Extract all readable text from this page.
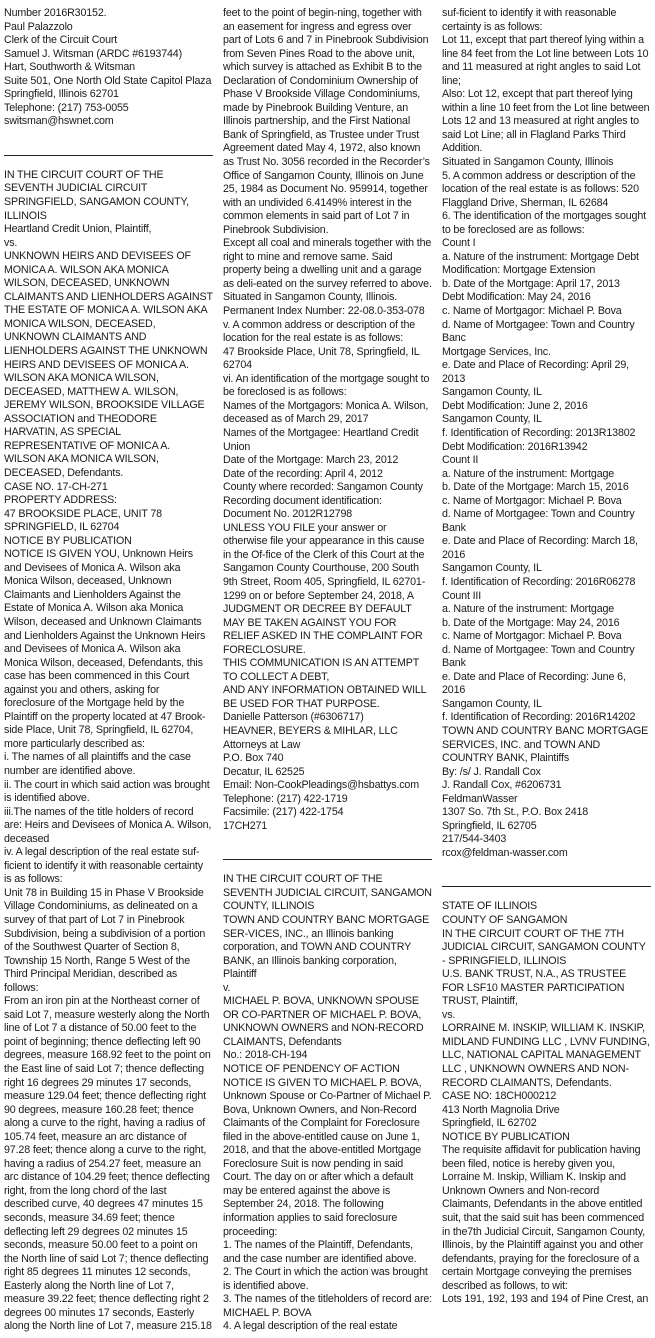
Number 2016R30152.

Paul Palazzolo

Clerk of the Circuit Court

Samuel J. Witsman (ARDC #6193744)

Hart, Southworth & Witsman

Suite 501, One North Old State Capitol Plaza

Springfield, Illinois 62701

Telephone: (217) 753-0055

switsman@hswnet.com

IN THE CIRCUIT COURT OF THE SEVENTH JUDICIAL CIRCUIT

SPRINGFIELD, SANGAMON COUNTY, ILLINOIS

Heartland Credit Union, Plaintiff,

vs.

UNKNOWN HEIRS AND DEVISEES OF MONICA A. WILSON AKA MONICA WILSON, DECEASED, UNKNOWN CLAIMANTS AND LIENHOLDERS AGAINST THE ESTATE OF MONICA A. WILSON AKA MONICA WILSON, DECEASED, UNKNOWN CLAIMANTS AND LIENHOLDERS AGAINST THE UNKNOWN HEIRS AND DEVISEES OF MONICA A. WILSON AKA MONICA WILSON, DECEASED, MATTHEW A. WILSON, JEREMY WILSON, BROOKSIDE VILLAGE ASSOCIATION and THEODORE HARVATIN, AS SPECIAL REPRESENTATIVE OF MONICA A. WILSON AKA MONICA WILSON, DECEASED, Defendants.

CASE NO. 17-CH-271

PROPERTY ADDRESS:

47 BROOKSIDE PLACE, UNIT 78

SPRINGFIELD, IL 62704

NOTICE BY PUBLICATION

NOTICE IS GIVEN YOU, Unknown Heirs and Devisees of Monica A. Wilson aka Monica Wilson, deceased, Unknown Claimants and Lienholders Against the Estate of Monica A. Wilson aka Monica Wilson, deceased and Unknown Claimants and Lienholders Against the Unknown Heirs and Devisees of Monica A. Wilson aka Monica Wilson, deceased, Defendants, this case has been commenced in this Court against you and others, asking for foreclosure of the Mortgage held by the Plaintiff on the property located at 47 Brook-side Place, Unit 78, Springfield, IL 62704, more particularly described as:

i. The names of all plaintiffs and the case number are identified above.

ii. The court in which said action was brought is identified above.

iii.The names of the title holders of record are: Heirs and Devisees of Monica A. Wilson, deceased

iv. A legal description of the real estate suf-ficient to identify it with reasonable certainty is as follows:

Unit 78 in Building 15 in Phase V Brookside Village Condominiums, as delineated on a survey of that part of Lot 7 in Pinebrook Subdivision, being a subdivision of a portion of the Southwest Quarter of Section 8, Township 15 North, Range 5 West of the Third Principal Meridian, described as follows:

From an iron pin at the Northeast corner of said Lot 7, measure westerly along the North line of Lot 7 a distance of 50.00 feet to the point of beginning; thence deflecting left 90 degrees, measure 168.92 feet to the point on the East line of said Lot 7; thence deflecting right 16 degrees 29 minutes 17 seconds, measure 129.04 feet; thence deflecting right 90 degrees, measure 160.28 feet; thence along a curve to the right, having a radius of 105.74 feet, measure an arc distance of 97.28 feet; thence along a curve to the right, having a radius of 254.27 feet, measure an arc distance of 104.29 feet; thence deflecting right, from the long chord of the last described curve, 40 degrees 47 minutes 15 seconds, measure 34.69 feet; thence deflecting left 29 degrees 02 minutes 15 seconds, measure 50.00 feet to a point on the North line of said Lot 7; thence deflecting right 85 degrees 11 minutes 12 seconds, Easterly along the North line of Lot 7, measure 39.22 feet; thence deflecting right 2 degrees 00 minutes 17 seconds, Easterly along the North line of Lot 7, measure 215.18

feet to the point of begin-ning, together with an easement for ingress and egress over part of Lots 6 and 7 in Pinebrook Subdivision from Seven Pines Road to the above unit, which survey is attached as Exhibit B to the Declaration of Condominium Ownership of Phase V Brookside Village Condominiums, made by Pinebrook Building Venture, an Illinois partnership, and the First National Bank of Springfield, as Trustee under Trust Agreement dated May 4, 1972, also known as Trust No. 3056 recorded in the Recorder’s Office of Sangamon County, Illinois on June 25, 1984 as Document No. 959914, together with an undivided 6.4149% interest in the common elements in said part of Lot 7 in Pinebrook Subdivision.

Except all coal and minerals together with the right to mine and remove same. Said property being a dwelling unit and a garage as deli-eated on the survey referred to above.

Situated in Sangamon County, Illinois.

Permanent Index Number: 22-08.0-353-078

v. A common address or description of the location for the real estate is as follows:

47 Brookside Place, Unit 78, Springfield, IL 62704

vi. An identification of the mortgage sought to be foreclosed is as follows:

Names of the Mortgagors: Monica A. Wilson, deceased as of March 29, 2017

Names of the Mortgagee: Heartland Credit Union

Date of the Mortgage: March 23, 2012

Date of the recording: April 4, 2012

County where recorded: Sangamon County Recording document identification: Document No. 2012R12798

UNLESS YOU FILE your answer or otherwise file your appearance in this cause in the Of-fice of the Clerk of this Court at the Sangamon County Courthouse, 200 South 9th Street, Room 405, Springfield, IL 62701-1299 on or before September 24, 2018, A JUDGMENT OR DECREE BY DEFAULT MAY BE TAKEN AGAINST YOU FOR RELIEF ASKED IN THE COMPLAINT FOR FORECLOSURE.

THIS COMMUNICATION IS AN ATTEMPT TO COLLECT A DEBT,

AND ANY INFORMATION OBTAINED WILL BE USED FOR THAT PURPOSE.

Danielle Patterson (#6306717)

HEAVNER, BEYERS & MIHLAR, LLC

Attorneys at Law

P.O. Box 740

Decatur, IL 62525

Email: Non-CookPleadings@hsbattys.com

Telephone: (217) 422-1719

Facsimile: (217) 422-1754

17CH271

IN THE CIRCUIT COURT OF THE SEVENTH JUDICIAL CIRCUIT, SANGAMON COUNTY, ILLINOIS

TOWN AND COUNTRY BANC MORTGAGE SER-VICES, INC., an Illinois banking corporation, and TOWN AND COUNTRY BANK, an Illinois banking corporation, Plaintiff

v.

MICHAEL P. BOVA, UNKNOWN SPOUSE OR CO-PARTNER OF MICHAEL P. BOVA, UNKNOWN OWNERS and NON-RECORD CLAIMANTS, Defendants

No.: 2018-CH-194

NOTICE OF PENDENCY OF ACTION

NOTICE IS GIVEN TO MICHAEL P. BOVA, Unknown Spouse or Co-Partner of Michael P. Bova, Unknown Owners, and Non-Record Claimants of the Complaint for Foreclosure filed in the above-entitled cause on June 1, 2018, and that the above-entitled Mortgage Foreclosure Suit is now pending in said Court. The day on or after which a default may be entered against the above is September 24, 2018. The following information applies to said foreclosure proceeding:

1. The names of the Plaintiff, Defendants, and the case number are identified above.

2. The Court in which the action was brought is identified above.

3. The names of the titleholders of record are: MICHAEL P. BOVA

4. A legal description of the real estate

suf-ficient to identify it with reasonable certainty is as follows:

Lot 11, except that part thereof lying within a line 84 feet from the Lot line between Lots 10 and 11 measured at right angles to said Lot line;

Also: Lot 12, except that part thereof lying within a line 10 feet from the Lot line between Lots 12 and 13 measured at right angles to said Lot Line; all in Flagland Parks Third Addition.

Situated in Sangamon County, Illinois

5. A common address or description of the location of the real estate is as follows: 520 Flaggland Drive, Sherman, IL 62684

6. The identification of the mortgages sought to be foreclosed are as follows:

Count I

a. Nature of the instrument: Mortgage Debt Modification: Mortgage Extension

b. Date of the Mortgage: April 17, 2013

Debt Modification: May 24, 2016

c. Name of Mortgagor: Michael P. Bova

d. Name of Mortgagee: Town and Country Banc

Mortgage Services, Inc.

e. Date and Place of Recording: April 29, 2013

Sangamon County, IL

Debt Modification: June 2, 2016

Sangamon County, IL

f. Identification of Recording: 2013R13802

Debt Modification: 2016R13942

Count II

a. Nature of the instrument: Mortgage

b. Date of the Mortgage: March 15, 2016

c. Name of Mortgagor: Michael P. Bova

d. Name of Mortgagee: Town and Country Bank

e. Date and Place of Recording: March 18, 2016

Sangamon County, IL

f. Identification of Recording: 2016R06278

Count III

a. Nature of the instrument: Mortgage

b. Date of the Mortgage: May 24, 2016

c. Name of Mortgagor: Michael P. Bova

d. Name of Mortgagee: Town and Country Bank

e. Date and Place of Recording: June 6, 2016

Sangamon County, IL

f. Identification of Recording: 2016R14202

TOWN AND COUNTRY BANC MORTGAGE SERVICES, INC. and TOWN AND COUNTRY BANK, Plaintiffs

By: /s/ J. Randall Cox

J. Randall Cox, #6206731

FeldmanWasser

1307 So. 7th St., P.O. Box 2418

Springfield, IL 62705

217/544-3403

rcox@feldman-wasser.com

STATE OF ILLINOIS

COUNTY OF SANGAMON

IN THE CIRCUIT COURT OF THE 7TH JUDICIAL CIRCUIT, SANGAMON COUNTY - SPRINGFIELD, ILLINOIS

U.S. BANK TRUST, N.A., AS TRUSTEE FOR LSF10 MASTER PARTICIPATION TRUST, Plaintiff,

vs.

LORRAINE M. INSKIP, WILLIAM K. INSKIP, MIDLAND FUNDING LLC , LVNV FUNDING, LLC, NATIONAL CAPITAL MANAGEMENT LLC , UNKNOWN OWNERS AND NON-RECORD CLAIMANTS, Defendants.

CASE NO: 18CH000212

413 North Magnolia Drive

Springfield, IL 62702

NOTICE BY PUBLICATION

The requisite affidavit for publication having been filed, notice is hereby given you, Lorraine M. Inskip, William K. Inskip and Unknown Owners and Non-record Claimants, Defendants in the above entitled suit, that the said suit has been commenced in the7th Judicial Circuit, Sangamon County, Illinois, by the Plaintiff against you and other defendants, praying for the foreclosure of a certain Mortgage conveying the premises described as follows, to wit:

Lots 191, 192, 193 and 194 of Pine Crest, an
